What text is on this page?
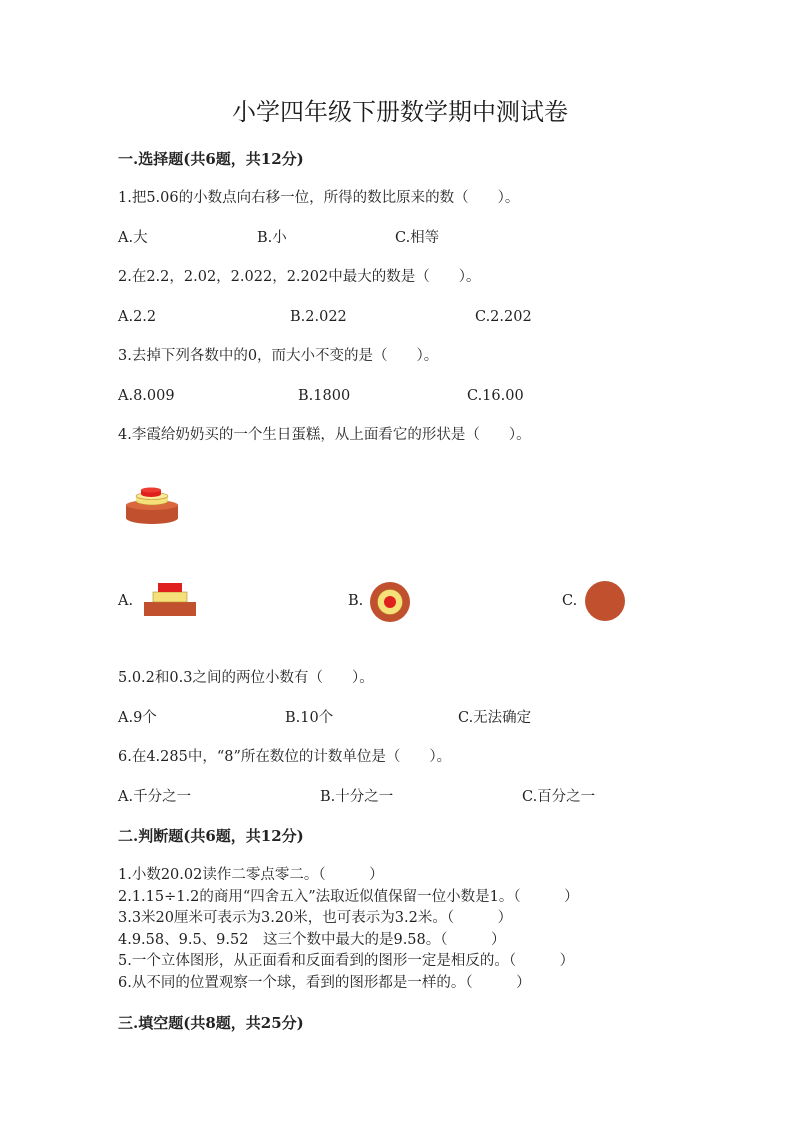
小学四年级下册数学期中测试卷
一.选择题(共6题，共12分)
1.把5.06的小数点向右移一位，所得的数比原来的数（　　）。
A.大	B.小	C.相等
2.在2.2，2.02，2.022，2.202中最大的数是（　　）。
A.2.2	B.2.022	C.2.202
3.去掉下列各数中的0，而大小不变的是（　　）。
A.8.009	B.1800	C.16.00
4.李霞给奶奶买的一个生日蛋糕，从上面看它的形状是（　　）。
A.	B.	C.
5.0.2和0.3之间的两位小数有（　　）。
A.9个	B.10个	C.无法确定
6.在4.285中，“8”所在数位的计数单位是（　　）。
A.千分之一	B.十分之一	C.百分之一
二.判断题(共6题，共12分)
1.小数20.02读作二零点零二。（　　　）
2.1.15÷1.2的商用“四舍五入”法取近似值保留一位小数是1。（　　　）
3.3米20厘米可表示为3.20米，也可表示为3.2米。（　　　）
4.9.58、9.5、9.52　这三个数中最大的是9.58。（　　　）
5.一个立体图形，从正面看和反面看到的图形一定是相反的。（　　　）
6.从不同的位置观察一个球，看到的图形都是一样的。（　　　）
三.填空题(共8题，共25分)
